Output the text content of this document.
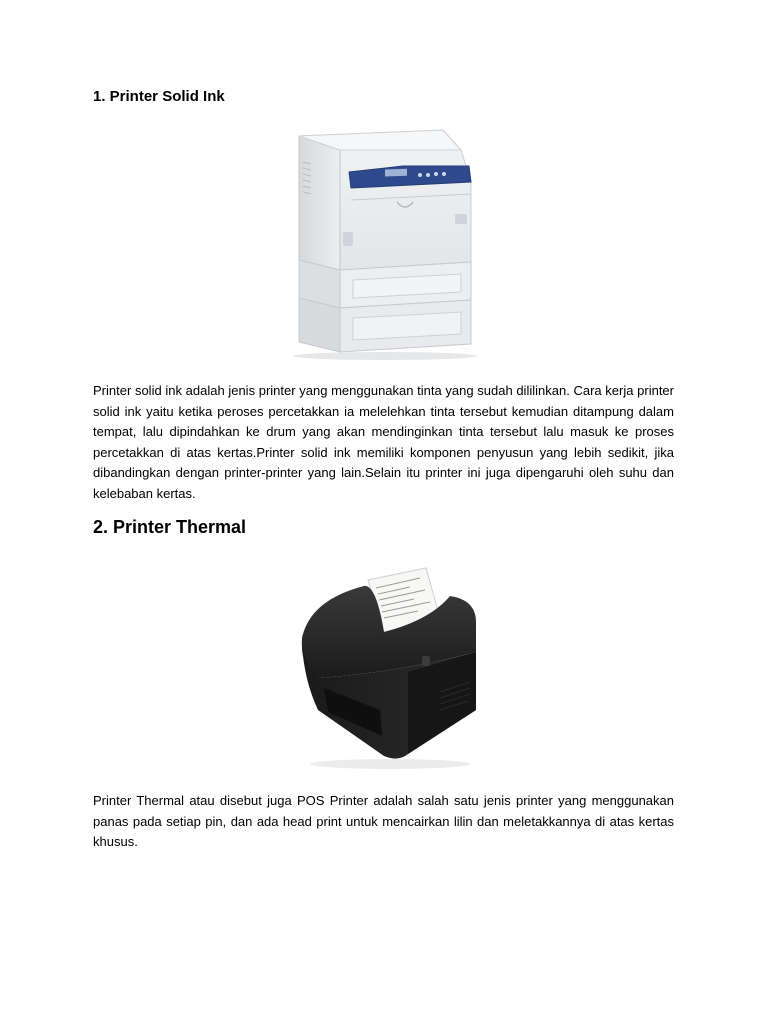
1. Printer Solid Ink

Printer solid ink adalah jenis printer yang menggunakan tinta yang sudah dililinkan. Cara kerja printer solid ink yaitu ketika peroses percetakkan ia melelehkan tinta tersebut kemudian ditampung dalam tempat, lalu dipindahkan ke drum yang akan mendinginkan tinta tersebut lalu masuk ke proses percetakkan di atas kertas.Printer solid ink memiliki komponen penyusun yang lebih sedikit, jika dibandingkan dengan printer-printer yang lain.Selain itu printer ini juga dipengaruhi oleh suhu dan kelebaban kertas.

2. Printer Thermal

Printer Thermal atau disebut juga POS Printer adalah salah satu jenis printer yang menggunakan panas pada setiap pin, dan ada head print untuk mencairkan lilin dan meletakkannya di atas kertas khusus.
